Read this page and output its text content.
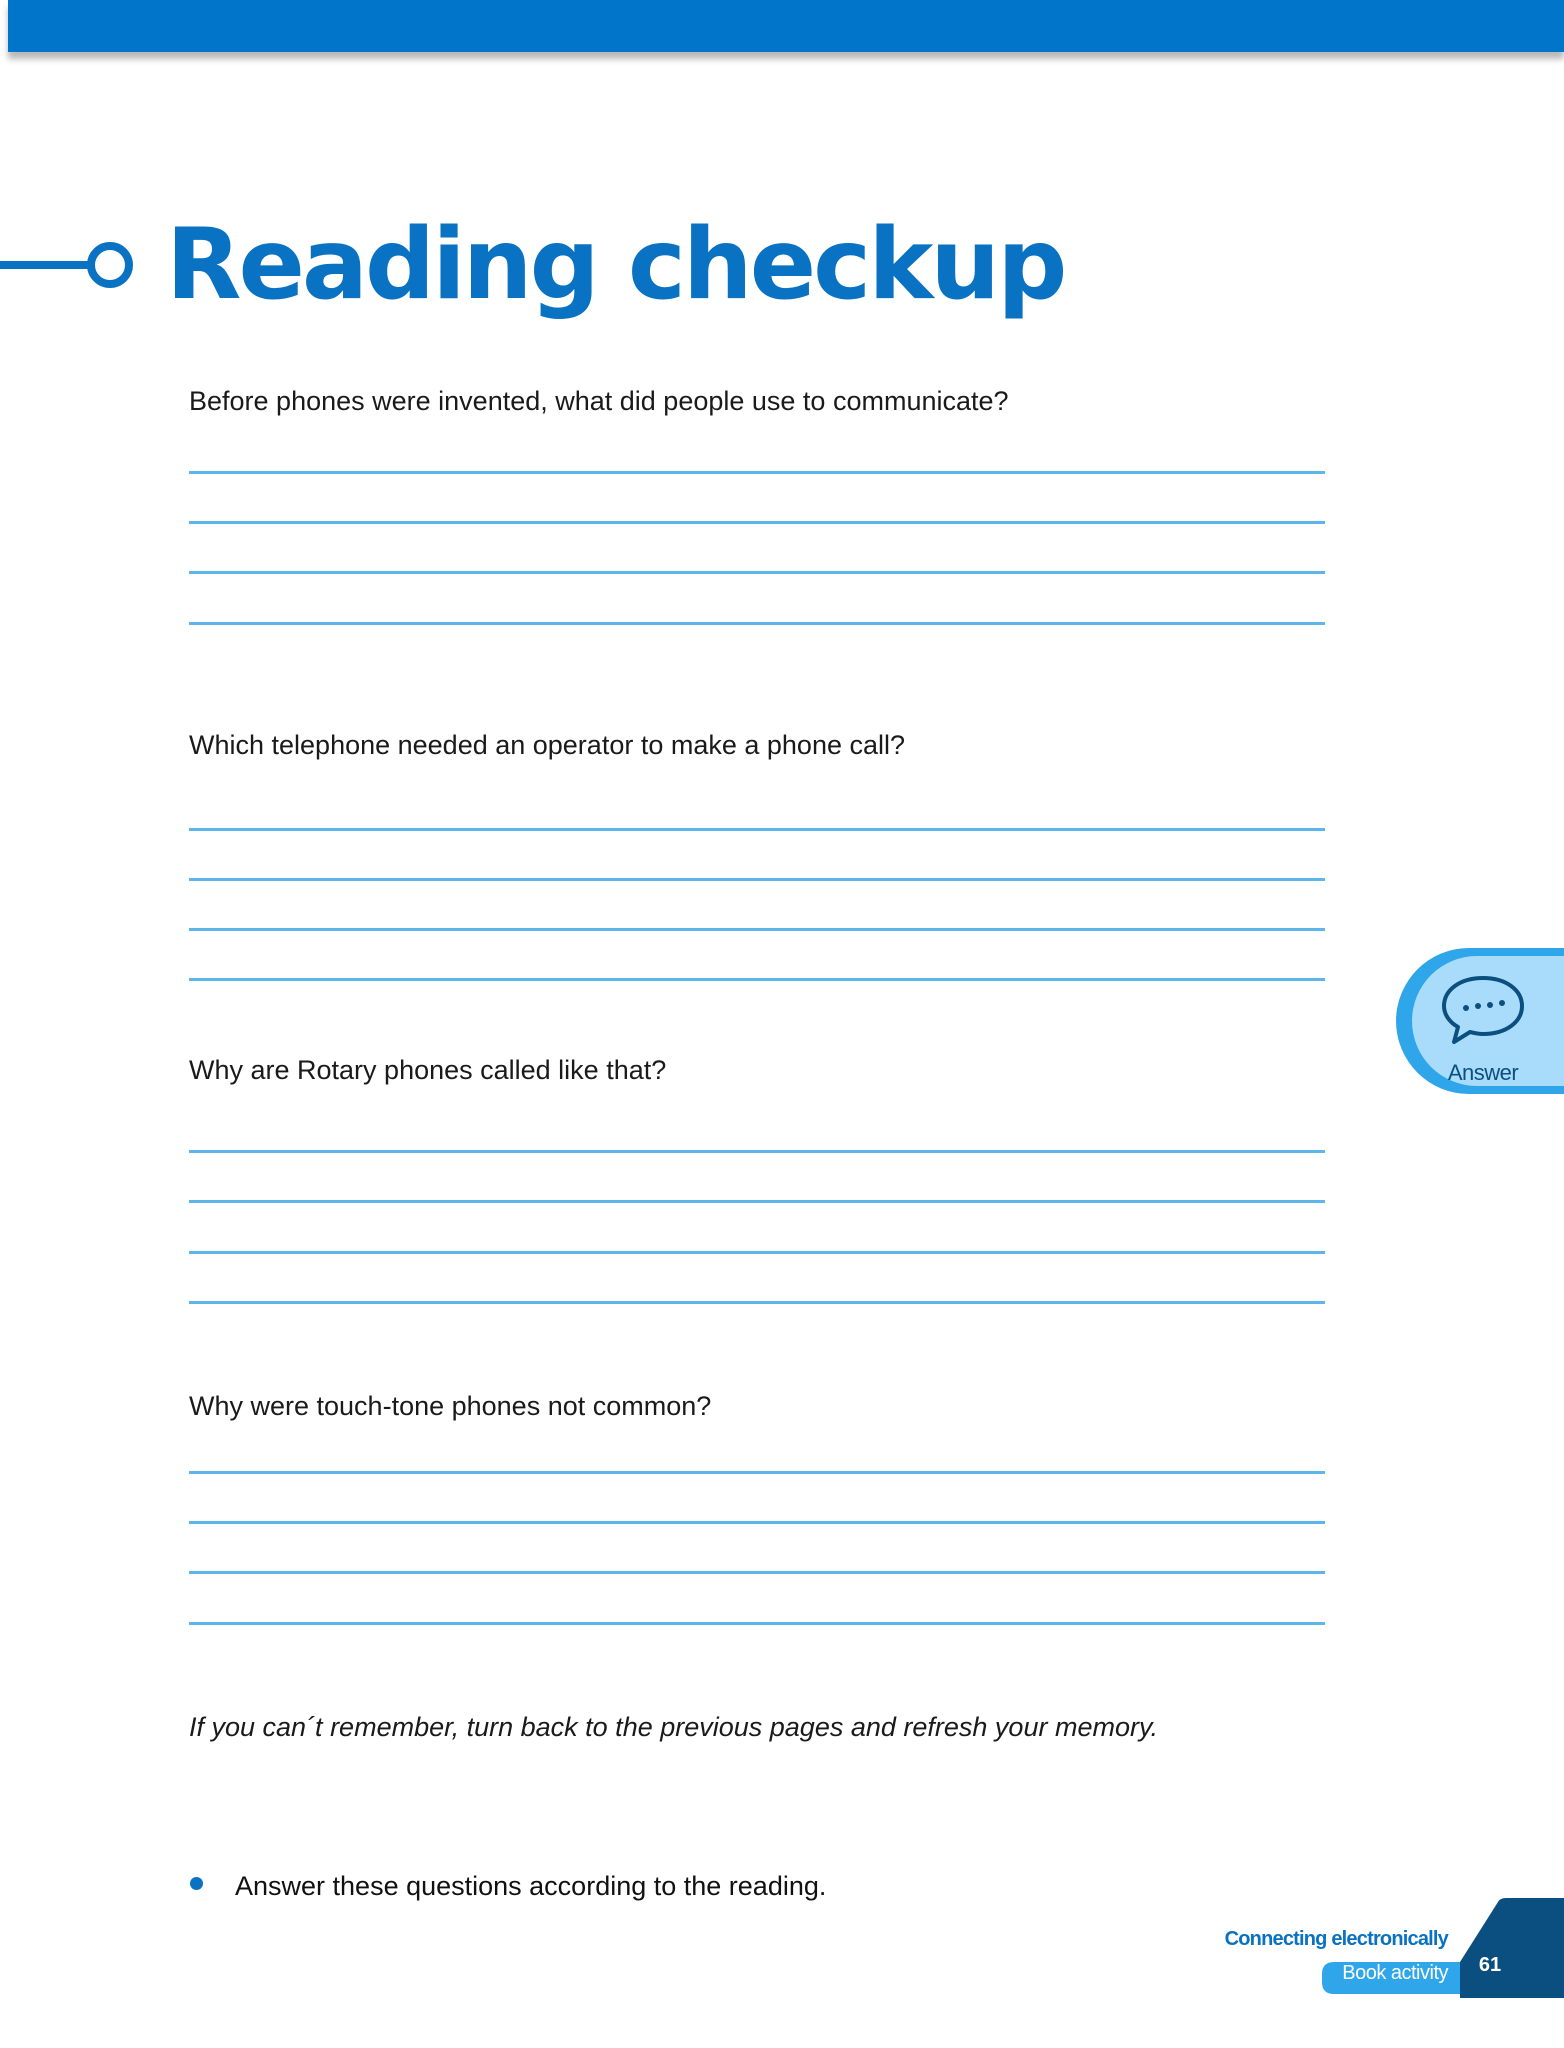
Reading checkup

Before phones were invented, what did people use to communicate?

Which telephone needed an operator to make a phone call?

Why are Rotary phones called like that?

Why were touch-tone phones not common?

If you can´t remember, turn back to the previous pages and refresh your memory.

Answer these questions according to the reading.

Answer

Connecting electronically

Book activity	61
